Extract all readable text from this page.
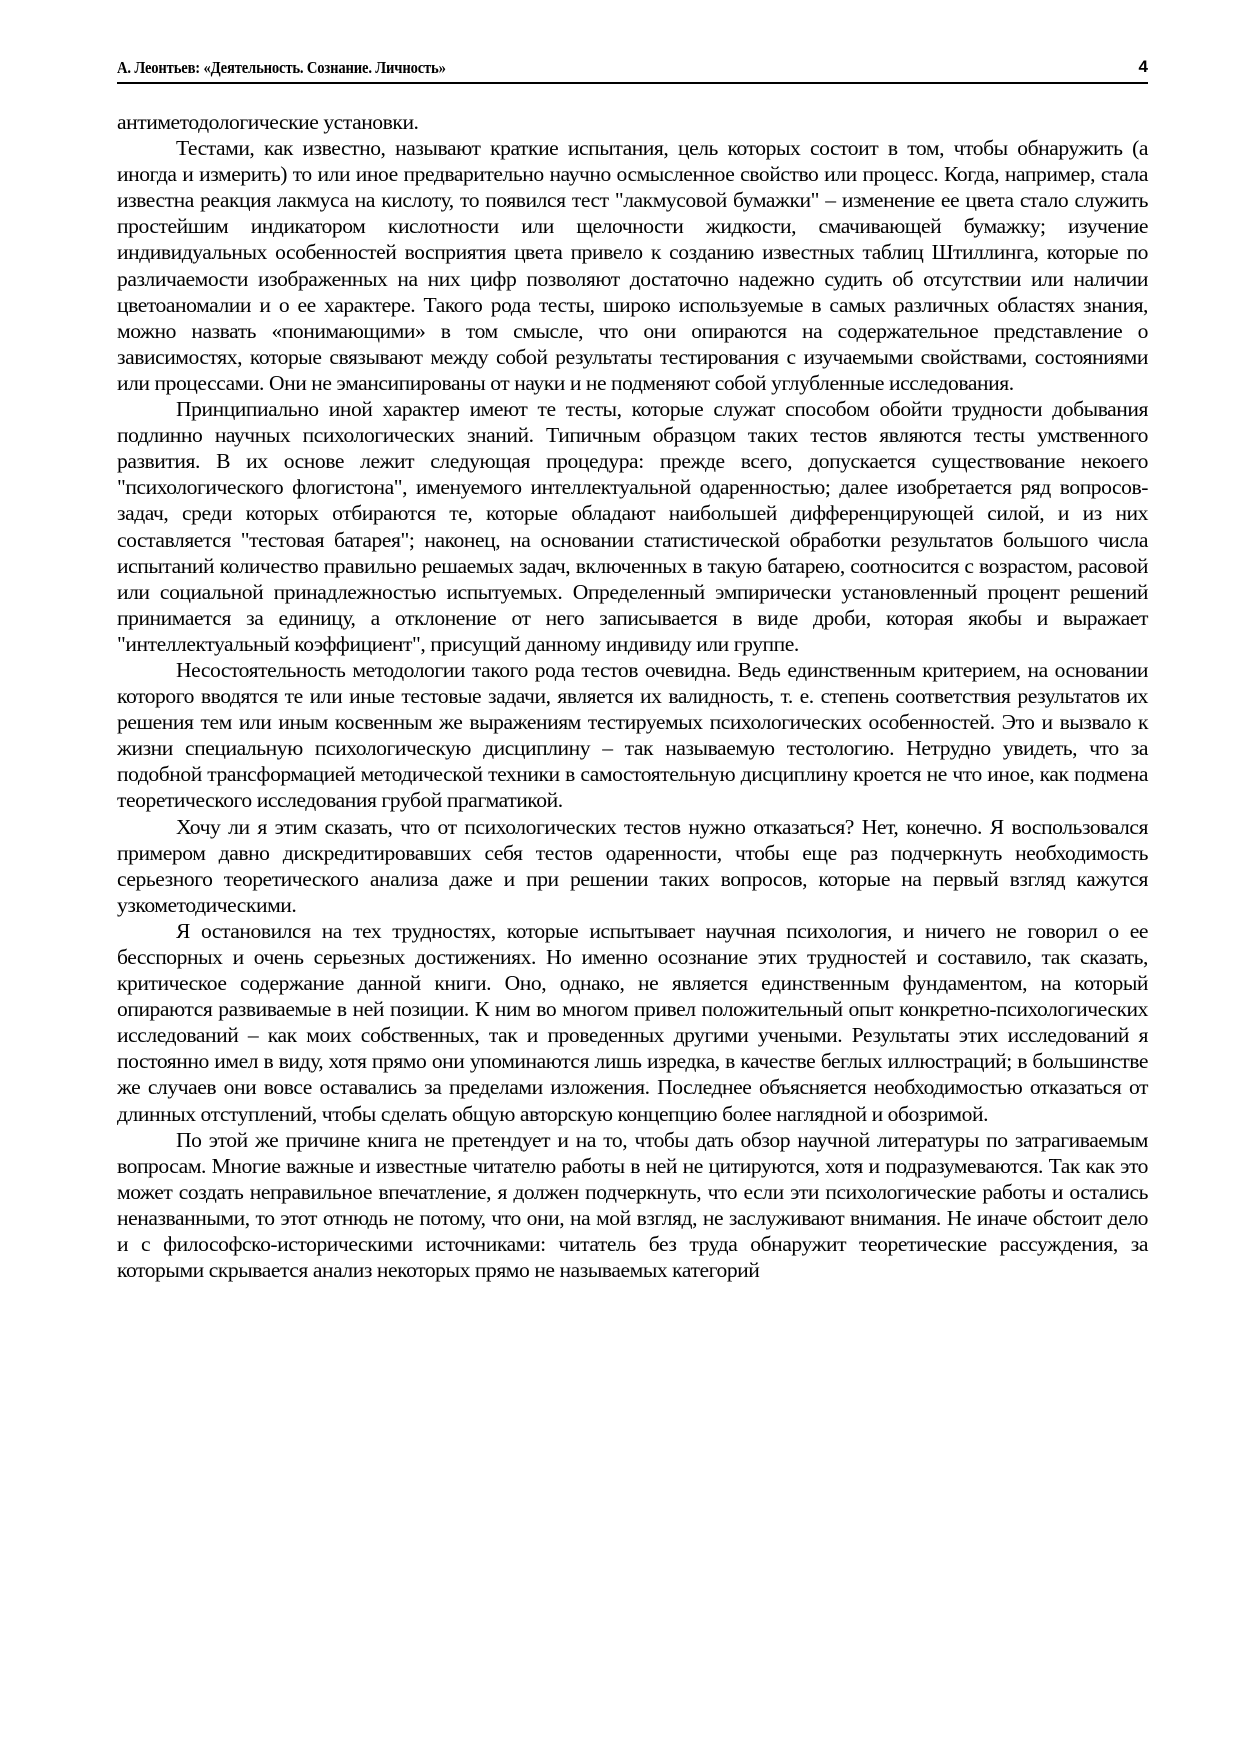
А. Леонтьев: «Деятельность. Сознание. Личность»	4

антиметодологические установки.

Тестами, как известно, называют краткие испытания, цель которых состоит в том, чтобы обнаружить (а иногда и измерить) то или иное предварительно научно осмысленное свойство или процесс. Когда, например, стала известна реакция лакмуса на кислоту, то появился тест "лакмусовой бумажки" – изменение ее цвета стало служить простейшим индикатором кислотности или щелочности жидкости, смачивающей бумажку; изучение индивидуальных особенностей восприятия цвета привело к созданию известных таблиц Штиллинга, которые по различаемости изображенных на них цифр позволяют достаточно надежно судить об отсутствии или наличии цветоаномалии и о ее характере. Такого рода тесты, широко используемые в самых различных областях знания, можно назвать «понимающими» в том смысле, что они опираются на содержательное представление о зависимостях, которые связывают между собой результаты тестирования с изучаемыми свойствами, состояниями или процессами. Они не эмансипированы от науки и не подменяют собой углубленные исследования.

Принципиально иной характер имеют те тесты, которые служат способом обойти трудности добывания подлинно научных психологических знаний. Типичным образцом таких тестов являются тесты умственного развития. В их основе лежит следующая процедура: прежде всего, допускается существование некоего "психологического флогистона", именуемого интеллектуальной одаренностью; далее изобретается ряд вопросов-задач, среди которых отбираются те, которые обладают наибольшей дифференцирующей силой, и из них составляется "тестовая батарея"; наконец, на основании статистической обработки результатов большого числа испытаний количество правильно решаемых задач, включенных в такую батарею, соотносится с возрастом, расовой или социальной принадлежностью испытуемых. Определенный эмпирически установленный процент решений принимается за единицу, а отклонение от него записывается в виде дроби, которая якобы и выражает "интеллектуальный коэффициент", присущий данному индивиду или группе.

Несостоятельность методологии такого рода тестов очевидна. Ведь единственным критерием, на основании которого вводятся те или иные тестовые задачи, является их валидность, т. е. степень соответствия результатов их решения тем или иным косвенным же выражениям тестируемых психологических особенностей. Это и вызвало к жизни специальную психологическую дисциплину – так называемую тестологию. Нетрудно увидеть, что за подобной трансформацией методической техники в самостоятельную дисциплину кроется не что иное, как подмена теоретического исследования грубой прагматикой.

Хочу ли я этим сказать, что от психологических тестов нужно отказаться? Нет, конечно. Я воспользовался примером давно дискредитировавших себя тестов одаренности, чтобы еще раз подчеркнуть необходимость серьезного теоретического анализа даже и при решении таких вопросов, которые на первый взгляд кажутся узкометодическими.

Я остановился на тех трудностях, которые испытывает научная психология, и ничего не говорил о ее бесспорных и очень серьезных достижениях. Но именно осознание этих трудностей и составило, так сказать, критическое содержание данной книги. Оно, однако, не является единственным фундаментом, на который опираются развиваемые в ней позиции. К ним во многом привел положительный опыт конкретно-психологических исследований – как моих собственных, так и проведенных другими учеными. Результаты этих исследований я постоянно имел в виду, хотя прямо они упоминаются лишь изредка, в качестве беглых иллюстраций; в большинстве же случаев они вовсе оставались за пределами изложения. Последнее объясняется необходимостью отказаться от длинных отступлений, чтобы сделать общую авторскую концепцию более наглядной и обозримой.

По этой же причине книга не претендует и на то, чтобы дать обзор научной литературы по затрагиваемым вопросам. Многие важные и известные читателю работы в ней не цитируются, хотя и подразумеваются. Так как это может создать неправильное впечатление, я должен подчеркнуть, что если эти психологические работы и остались неназванными, то этот отнюдь не потому, что они, на мой взгляд, не заслуживают внимания. Не иначе обстоит дело и с философско-историческими источниками: читатель без труда обнаружит теоретические рассуждения, за которыми скрывается анализ некоторых прямо не называемых категорий
